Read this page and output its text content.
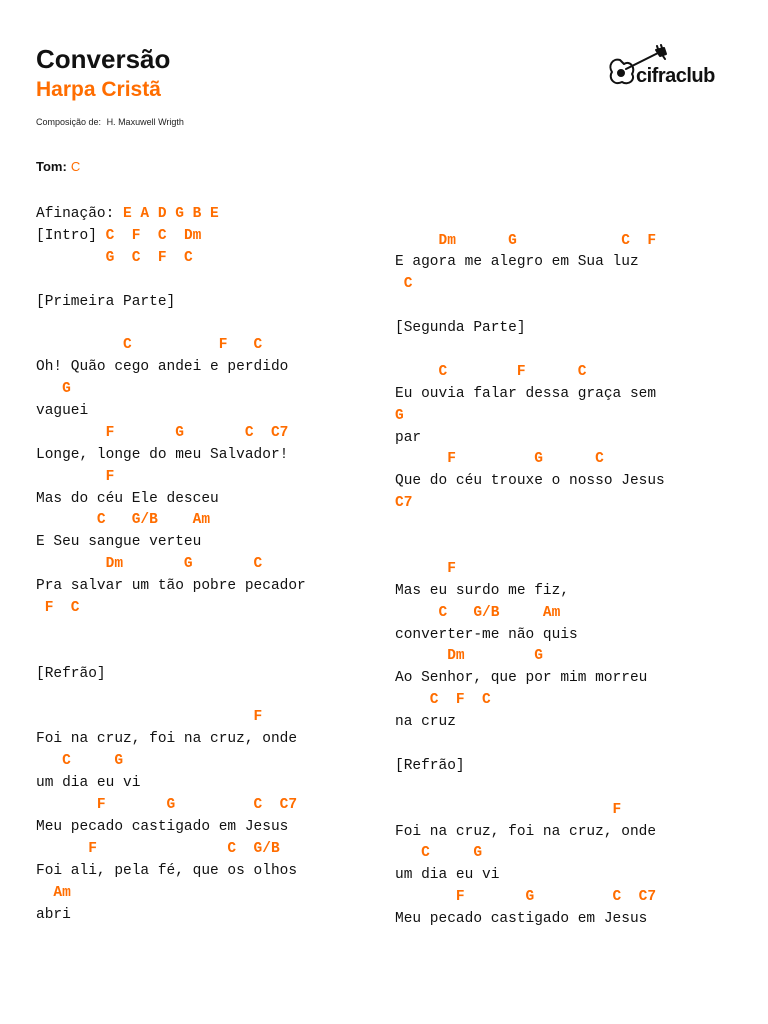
Conversão
Harpa Cristã
Composição de: H. Maxuwell Wrigth
Tom: C
cifraclub
Afinação: E A D G B E
[Intro] C  F  C  Dm
G  C  F  C

[Primeira Parte]

C          F   C
Oh! Quão cego andei e perdido
G
vaguei
F       G       C  C7
Longe, longe do meu Salvador!
F
Mas do céu Ele desceu
C   G/B    Am
E Seu sangue verteu
Dm       G       C
Pra salvar um tão pobre pecador
F  C

[Refrão]

F
Foi na cruz, foi na cruz, onde
C     G
um dia eu vi
F       G         C  C7
Meu pecado castigado em Jesus
F               C  G/B
Foi ali, pela fé, que os olhos
Am
abri
Dm      G            C  F
E agora me alegro em Sua luz
C

[Segunda Parte]

C        F      C
Eu ouvia falar dessa graça sem
G
par
F         G      C
Que do céu trouxe o nosso Jesus
C7

F
Mas eu surdo me fiz,
C   G/B     Am
converter-me não quis
Dm        G
Ao Senhor, que por mim morreu
C  F  C
na cruz

[Refrão]

F
Foi na cruz, foi na cruz, onde
C     G
um dia eu vi
F       G         C  C7
Meu pecado castigado em Jesus
